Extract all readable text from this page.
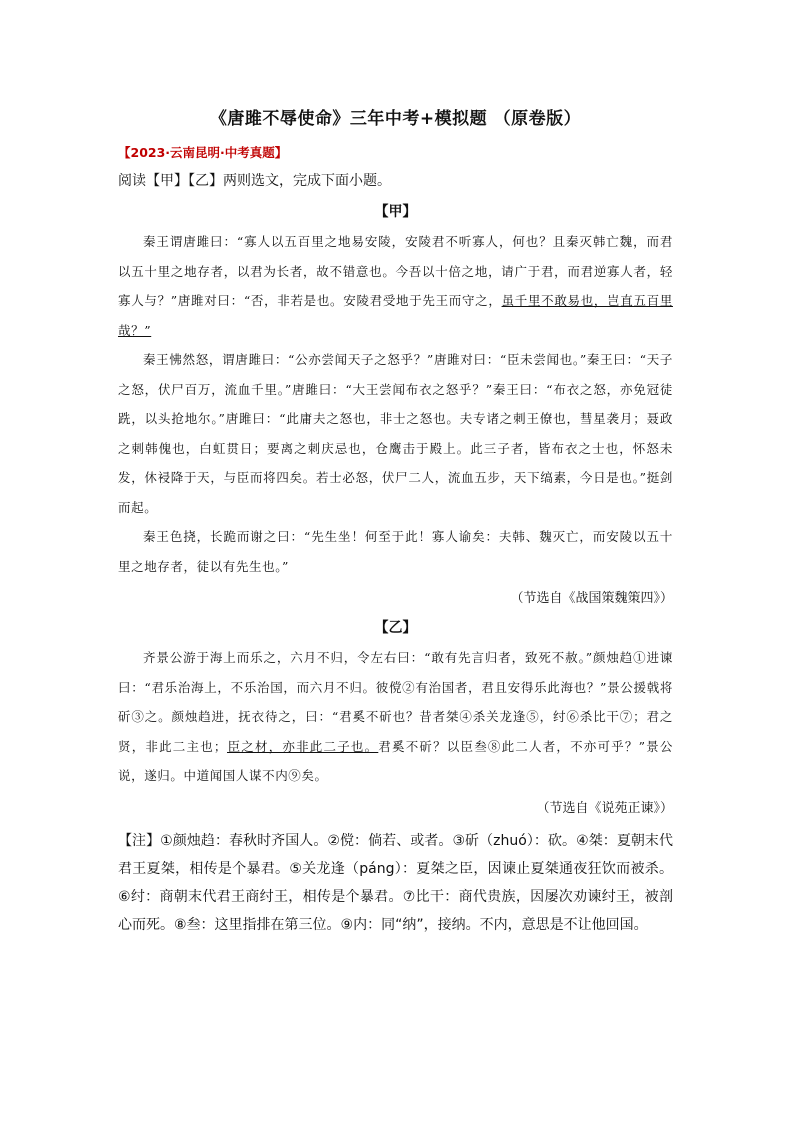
《唐雎不辱使命》三年中考+模拟题 （原卷版）
【2023·云南昆明·中考真题】
阅读【甲】【乙】两则选文，完成下面小题。
【甲】

秦王谓唐雎曰：“寡人以五百里之地易安陵，安陵君不听寡人，何也？且秦灭韩亡魏，而君以五十里之地存者，以君为长者，故不错意也。今吾以十倍之地，请广于君，而君逆寡人者，轻寡人与？”唐雎对曰：“否，非若是也。安陵君受地于先王而守之，虽千里不敢易也，岂直五百里哉？”

秦王怫然怒，谓唐雎曰：“公亦尝闻天子之怒乎？”唐雎对曰：“臣未尝闻也。”秦王曰：“天子之怒，伏尸百万，流血千里。”唐雎曰：“大王尝闻布衣之怒乎？”秦王曰：“布衣之怒，亦免冠徒跣，以头抢地尔。”唐雎曰：“此庸夫之怒也，非士之怒也。夫专诸之刺王僚也，彗星袭月；聂政之刺韩傀也，白虹贯日；要离之刺庆忌也，仓鹰击于殿上。此三子者，皆布衣之士也，怀怒未发，休祲降于天，与臣而将四矣。若士必怒，伏尸二人，流血五步，天下缟素，今日是也。”挺剑而起。

秦王色挠，长跪而谢之曰：“先生坐！何至于此！寡人谕矣：夫韩、魏灭亡，而安陵以五十里之地存者，徒以有先生也。”

（节选自《战国策魏策四》）
【乙】

齐景公游于海上而乐之，六月不归，令左右曰：“敢有先言归者，致死不赦。”颜烛趋①进谏曰：“君乐治海上，不乐治国，而六月不归。彼傥②有治国者，君且安得乐此海也？”景公援戟将斫③之。颜烛趋进，抚衣待之，曰：“君奚不斫也？昔者桀④杀关龙逢⑤，纣⑥杀比干⑦；君之贤，非此二主也；臣之材，亦非此二子也。君奚不斫？以臣叁⑧此二人者，不亦可乎？”景公说，遂归。中道闻国人谋不内⑨矣。

（节选自《说苑正谏》）
【注】①颜烛趋：春秋时齐国人。②傥：倘若、或者。③斫（zhuó）：砍。④桀：夏朝末代君王夏桀，相传是个暴君。⑤关龙逢（páng）：夏桀之臣，因谏止夏桀通夜狂饮而被杀。⑥纣：商朝末代君王商纣王，相传是个暴君。⑦比干：商代贵族，因屡次劝谏纣王，被剖心而死。⑧叁：这里指排在第三位。⑨内：同“纳”，接纳。不内，意思是不让他回国。
